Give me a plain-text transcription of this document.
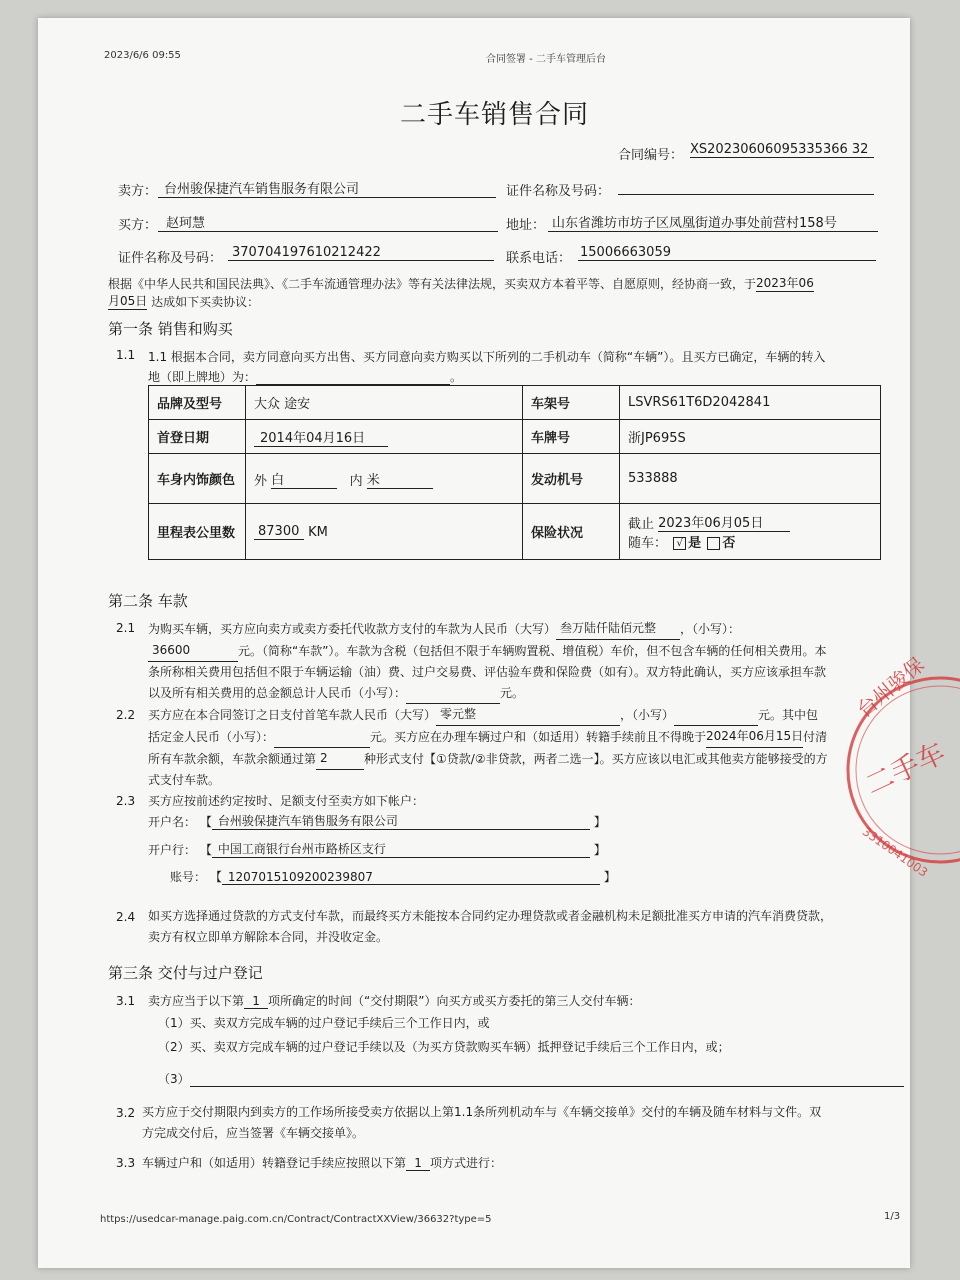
2023/6/6 09:55	合同签署 - 二手车管理后台
二手车销售合同
合同编号： XS20230606095335366 32
卖方： 台州骏保捷汽车销售服务有限公司	证件名称及号码：
买方： 赵珂慧	地址： 山东省潍坊市坊子区凤凰街道办事处前营村158号
证件名称及号码： 370704197610212422	联系电话： 15006663059
根据《中华人民共和国民法典》、《二手车流通管理办法》等有关法律法规，买卖双方本着平等、自愿原则，经协商一致，于2023年06
月05日 达成如下买卖协议：
第一条 销售和购买
1.1 1.1 根据本合同，卖方同意向买方出售、买方同意向卖方购买以下所列的二手机动车（简称“车辆”）。且买方已确定，车辆的转入
地（即上牌地）为：	。
品牌及型号	大众 途安	车架号	LSVRS61T6D2042841
首登日期	2014年04月16日	车牌号	浙JP695S
车身内饰颜色	外 白 内 米	发动机号	533888
里程表公里数	87300 KM	保险状况	截止 2023年06月05日
随车： √ 是 否
第二条 车款
2.1 为购买车辆，买方应向卖方或卖方委托代收款方支付的车款为人民币（大写） 叁万陆仟陆佰元整 ，（小写）：
36600	元。（简称“车款”）。车款为含税（包括但不限于车辆购置税、增值税）车价，但不包含车辆的任何相关费用。本
条所称相关费用包括但不限于车辆运输（油）费、过户交易费、评估验车费和保险费（如有）。双方特此确认，买方应该承担车款
以及所有相关费用的总金额总计人民币（小写）：	元。
2.2 买方应在本合同签订之日支付首笔车款人民币（大写） 零元整	，（小写）	元。其中包
括定金人民币（小写）：	元。买方应在办理车辆过户和（如适用）转籍手续前且不得晚于2024年06月15日付清
所有车款余额，车款余额通过第 2	种形式支付【①贷款/②非贷款，两者二选一】。买方应该以电汇或其他卖方能够接受的方
式支付车款。
2.3 买方应按前述约定按时、足额支付至卖方如下帐户：
开户名： 【 台州骏保捷汽车销售服务有限公司	】
开户行： 【 中国工商银行台州市路桥区支行	】
账号： 【 1207015109200239807	】
2.4 如买方选择通过贷款的方式支付车款，而最终买方未能按本合同约定办理贷款或者金融机构未足额批准买方申请的汽车消费贷款，
卖方有权立即单方解除本合同，并没收定金。
第三条 交付与过户登记
3.1 卖方应当于以下第 1 项所确定的时间（“交付期限”）向买方或买方委托的第三人交付车辆：
（1）买、卖双方完成车辆的过户登记手续后三个工作日内，或
（2）买、卖双方完成车辆的过户登记手续以及（为买方贷款购买车辆）抵押登记手续后三个工作日内，或；
（3）
3.2 买方应于交付期限内到卖方的工作场所接受卖方依据以上第1.1条所列机动车与《车辆交接单》交付的车辆及随车材料与文件。双
方完成交付后，应当签署《车辆交接单》。
3.3 车辆过户和（如适用）转籍登记手续应按照以下第 1 项方式进行：
https://usedcar-manage.paig.com.cn/Contract/ContractXXView/36632?type=5	1/3
台州骏保
二手车
3310041003
